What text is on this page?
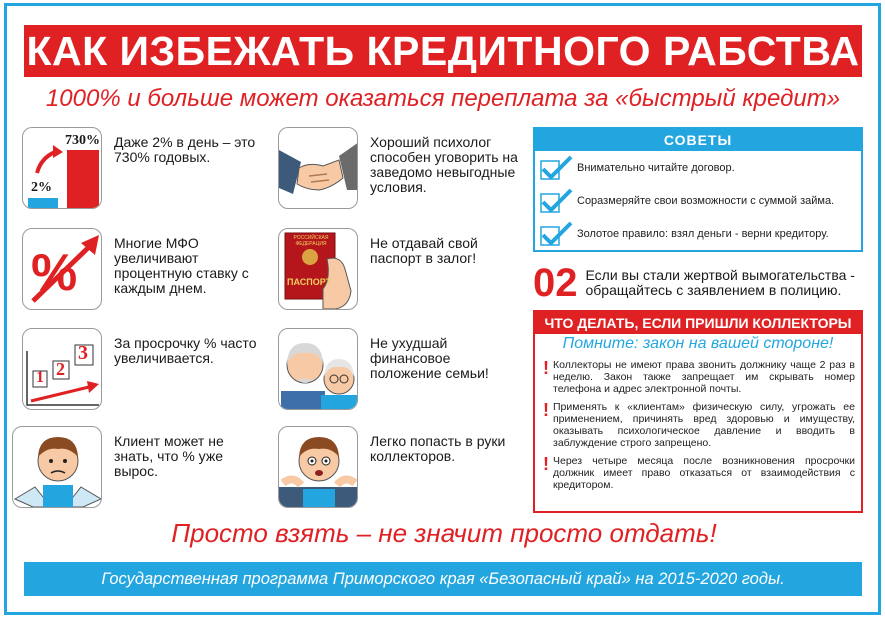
КАК ИЗБЕЖАТЬ КРЕДИТНОГО РАБСТВА
1000% и больше может оказаться переплата за «быстрый кредит»
2%
730% Даже 2% в день – это 730% годовых.
%
Многие МФО увеличивают процентную ставку с каждым днем.
1 2
3 За просрочку % часто увеличивается.
Клиент может не знать, что % уже вырос.
Хороший психолог способен уговорить на заведомо невыгодные условия.
РОССИЙСКАЯ ФЕДЕРАЦИЯ
ПАСПОРТ
Не отдавай свой паспорт в залог!
Не ухудшай финансовое положение семьи!
Легко попасть в руки коллекторов.
СОВЕТЫ
Внимательно читайте договор.
Соразмеряйте свои возможности с суммой займа.
Золотое правило: взял деньги - верни кредитору.
02 Если вы стали жертвой вымогательства - обращайтесь с заявлением в полицию.
ЧТО ДЕЛАТЬ, ЕСЛИ ПРИШЛИ КОЛЛЕКТОРЫ
Помните: закон на вашей стороне!
! Коллекторы не имеют права звонить должнику чаще 2 раз в неделю. Закон также запрещает им скрывать номер телефона и адрес электронной почты.
! Применять к «клиентам» физическую силу, угрожать ее применением, причинять вред здоровью и имуществу, оказывать психологическое давление и вводить в заблуждение строго запрещено.
! Через четыре месяца после возникновения просрочки должник имеет право отказаться от взаимодействия с кредитором.
Просто взять – не значит просто отдать!
Государственная программа Приморского края «Безопасный край» на 2015-2020 годы.
